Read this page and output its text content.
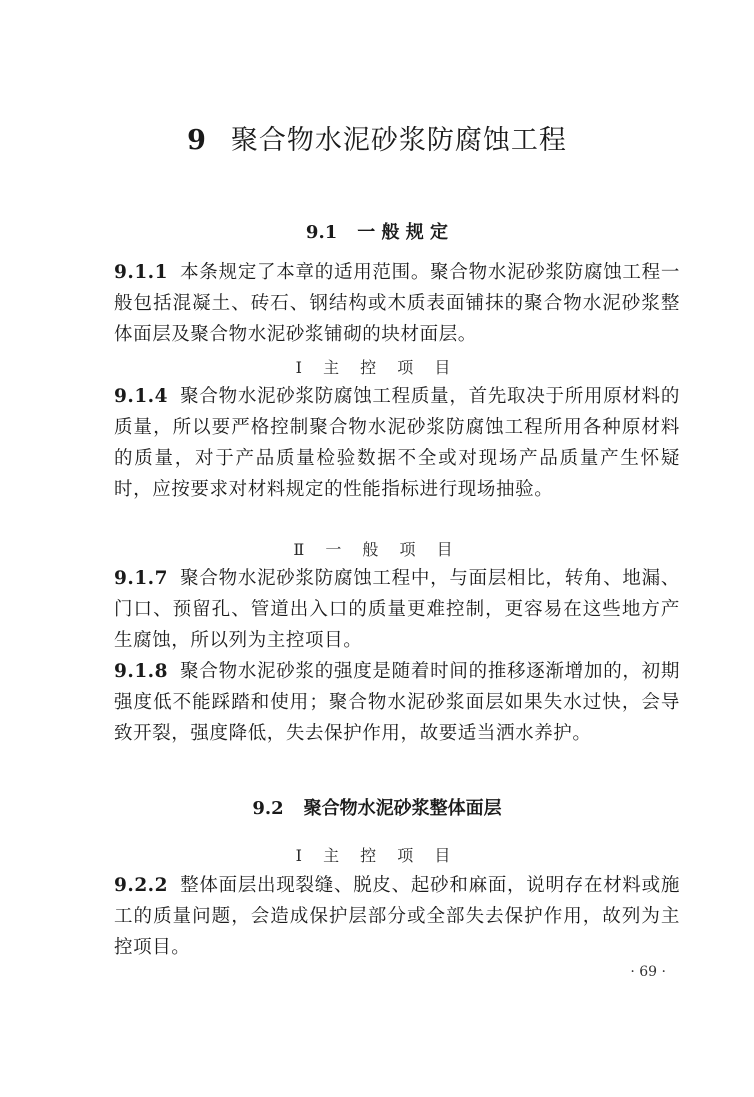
9 聚合物水泥砂浆防腐蚀工程
9.1 一 般 规 定
9.1.1 本条规定了本章的适用范围。聚合物水泥砂浆防腐蚀工程一般包括混凝土、砖石、钢结构或木质表面铺抹的聚合物水泥砂浆整体面层及聚合物水泥砂浆铺砌的块材面层。
Ⅰ 主 控 项 目
9.1.4 聚合物水泥砂浆防腐蚀工程质量，首先取决于所用原材料的质量，所以要严格控制聚合物水泥砂浆防腐蚀工程所用各种原材料的质量，对于产品质量检验数据不全或对现场产品质量产生怀疑时，应按要求对材料规定的性能指标进行现场抽验。
Ⅱ 一 般 项 目
9.1.7 聚合物水泥砂浆防腐蚀工程中，与面层相比，转角、地漏、门口、预留孔、管道出入口的质量更难控制，更容易在这些地方产生腐蚀，所以列为主控项目。
9.1.8 聚合物水泥砂浆的强度是随着时间的推移逐渐增加的，初期强度低不能踩踏和使用；聚合物水泥砂浆面层如果失水过快，会导致开裂，强度降低，失去保护作用，故要适当洒水养护。
9.2 聚合物水泥砂浆整体面层
Ⅰ 主 控 项 目
9.2.2 整体面层出现裂缝、脱皮、起砂和麻面，说明存在材料或施工的质量问题，会造成保护层部分或全部失去保护作用，故列为主控项目。
· 69 ·
